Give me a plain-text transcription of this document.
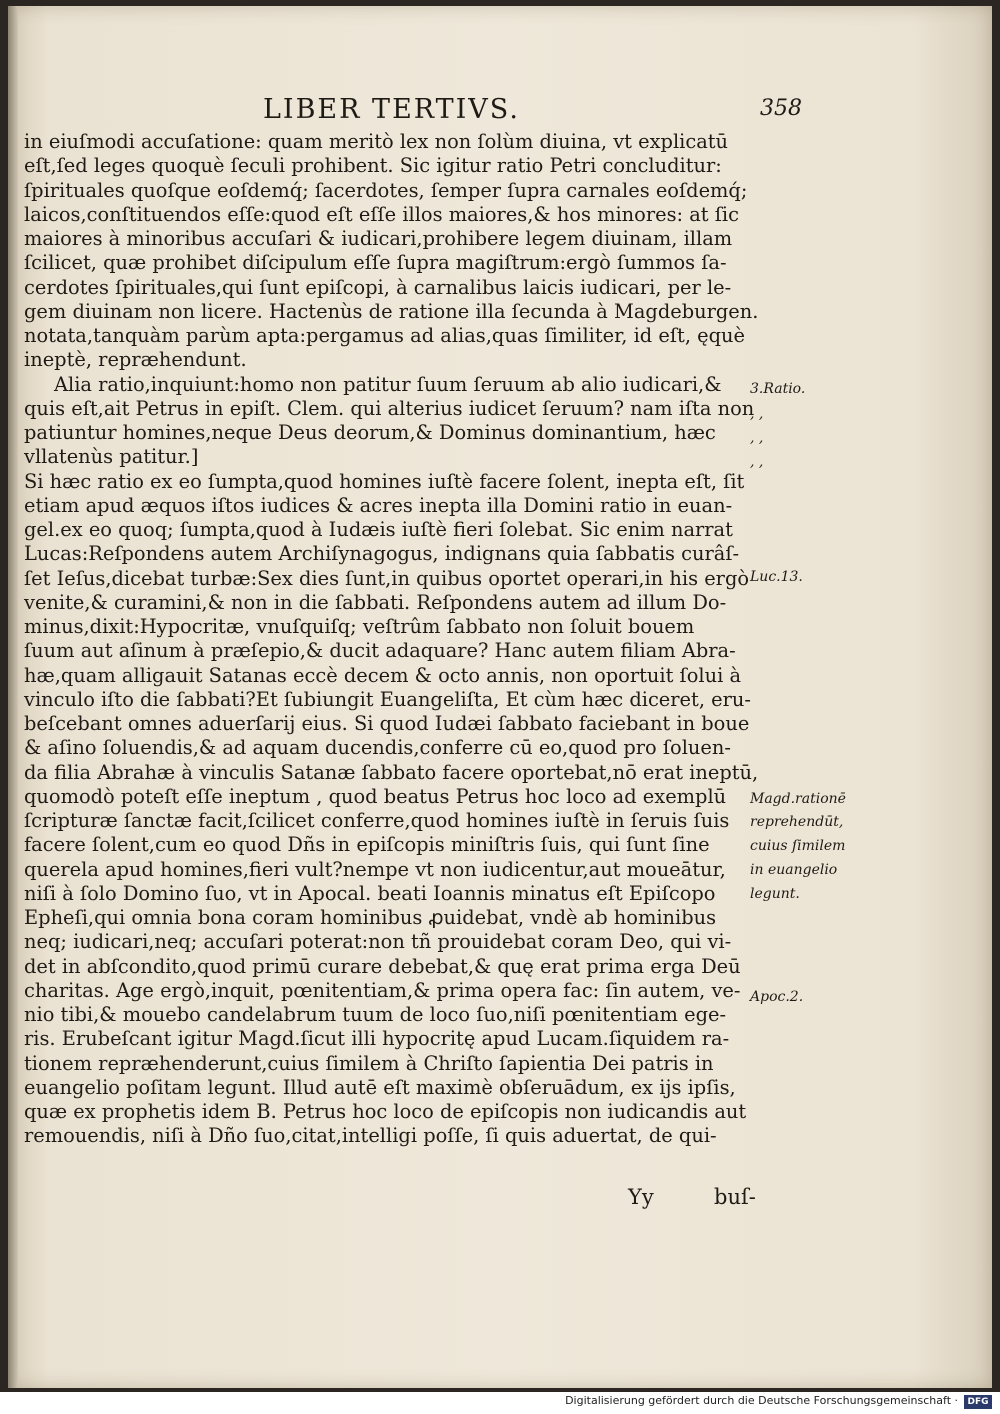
LIBER TERTIVS.	358
in eiuſmodi accuſatione: quam meritò lex non ſolùm diuina, vt explicatū
eſt,ſed leges quoquè ſeculi prohibent. Sic igitur ratio Petri concluditur:
ſpirituales quoſque eoſdemq́; ſacerdotes, ſemper ſupra carnales eoſdemq́;
laicos,conſtituendos eſſe:quod eſt eſſe illos maiores,& hos minores: at ſic
maiores à minoribus accuſari & iudicari,prohibere legem diuinam, illam
ſcilicet, quæ prohibet diſcipulum eſſe ſupra magiſtrum:ergò ſummos ſa-
cerdotes ſpirituales,qui ſunt epiſcopi, à carnalibus laicis iudicari, per le-
gem diuinam non licere. Hactenùs de ratione illa ſecunda à Magdeburgen.
notata,tanquàm parùm apta:pergamus ad alias,quas ſimiliter, id eſt, ęquè
ineptè, repræhendunt.
Alia ratio,inquiunt:homo non patitur ſuum ſeruum ab alio iudicari,&
quis eſt,ait Petrus in epiſt. Clem. qui alterius iudicet ſeruum? nam iſta non
patiuntur homines,neque Deus deorum,& Dominus dominantium, hæc
vllatenùs patitur.]
Si hæc ratio ex eo ſumpta,quod homines iuſtè facere ſolent, inepta eſt, ſit
etiam apud æquos iſtos iudices & acres inepta illa Domini ratio in euan-
gel.ex eo quoq; ſumpta,quod à Iudæis iuſtè fieri ſolebat. Sic enim narrat
Lucas:Reſpondens autem Archiſynagogus, indignans quia ſabbatis curâſ-
ſet Ieſus,dicebat turbæ:Sex dies ſunt,in quibus oportet operari,in his ergò
venite,& curamini,& non in die ſabbati. Reſpondens autem ad illum Do-
minus,dixit:Hypocritæ, vnuſquiſq; veſtrûm ſabbato non ſoluit bouem
ſuum aut aſinum à præſepio,& ducit adaquare? Hanc autem filiam Abra-
hæ,quam alligauit Satanas eccè decem & octo annis, non oportuit ſolui à
vinculo iſto die ſabbati?Et ſubiungit Euangeliſta, Et cùm hæc diceret, eru-
beſcebant omnes aduerſarij eius. Si quod Iudæi ſabbato faciebant in boue
& aſino ſoluendis,& ad aquam ducendis,conferre cū eo,quod pro ſoluen-
da filia Abrahæ à vinculis Satanæ ſabbato facere oportebat,nō erat ineptū,
quomodò poteſt eſſe ineptum , quod beatus Petrus hoc loco ad exemplū
ſcripturæ ſanctæ facit,ſcilicet conferre,quod homines iuſtè in ſeruis ſuis
facere ſolent,cum eo quod Dñs in epiſcopis miniſtris ſuis, qui ſunt ſine
querela apud homines,fieri vult?nempe vt non iudicentur,aut moueātur,
niſi à ſolo Domino ſuo, vt in Apocal. beati Ioannis minatus eſt Epiſcopo
Epheſi,qui omnia bona coram hominibus ꝓuidebat, vndè ab hominibus
neq; iudicari,neq; accuſari poterat:non tñ prouidebat coram Deo, qui vi-
det in abſcondito,quod primū curare debebat,& quę erat prima erga Deū
charitas. Age ergò,inquit, pœnitentiam,& prima opera fac: ſin autem, ve-
nio tibi,& mouebo candelabrum tuum de loco ſuo,niſi pœnitentiam ege-
ris. Erubeſcant igitur Magd.ſicut illi hypocritę apud Lucam.ſiquidem ra-
tionem repræhenderunt,cuius ſimilem à Chriſto ſapientia Dei patris in
euangelio poſitam legunt. Illud autē eſt maximè obſeruādum, ex ijs ipſis,
quæ ex prophetis idem B. Petrus hoc loco de epiſcopis non iudicandis aut
remouendis, niſi à Dño ſuo,citat,intelligi poſſe, ſi quis aduertat, de qui-
3.Ratio.
, ,
, ,
, ,
Luc.13.
Magd.rationē
reprehendūt,
cuius ſimilem
in euangelio
legunt.
Apoc.2.
Yy	buſ-
Digitalisierung gefördert durch die Deutsche Forschungsgemeinschaft ·	DFG
